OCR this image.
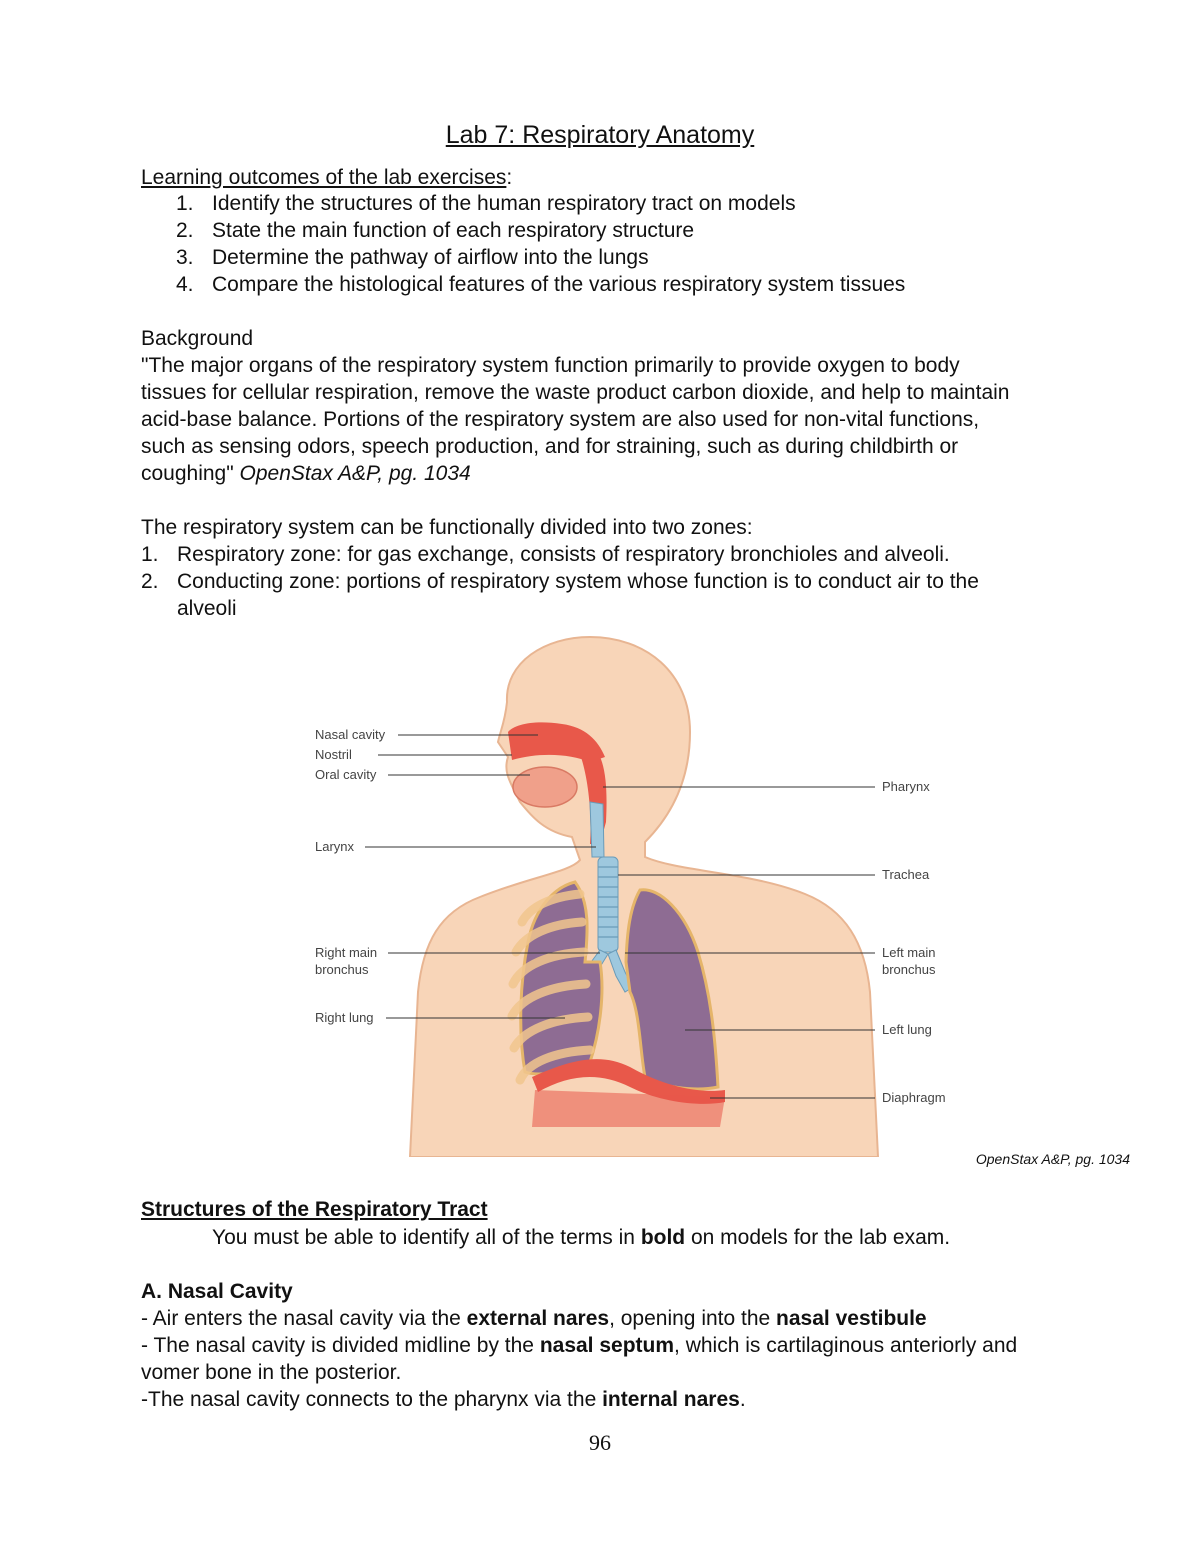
Lab 7: Respiratory Anatomy

Learning outcomes of the lab exercises:

1. Identify the structures of the human respiratory tract on models
2. State the main function of each respiratory structure
3. Determine the pathway of airflow into the lungs
4. Compare the histological features of the various respiratory system tissues
Background
"The major organs of the respiratory system function primarily to provide oxygen to body
tissues for cellular respiration, remove the waste product carbon dioxide, and help to maintain
acid-base balance. Portions of the respiratory system are also used for non-vital functions,
such as sensing odors, speech production, and for straining, such as during childbirth or
coughing" OpenStax A&P, pg. 1034

The respiratory system can be functionally divided into two zones:

1. Respiratory zone: for gas exchange, consists of respiratory bronchioles and alveoli.
2. Conducting zone: portions of respiratory system whose function is to conduct air to the
alveoli
Nasal cavity
Nostril
Oral cavity
Larynx
Right main
bronchus
Right lung
Pharynx
Trachea
Left main
bronchus
Left lung
Diaphragm
OpenStax A&P, pg. 1034

Structures of the Respiratory Tract

You must be able to identify all of the terms in bold on models for the lab exam.

A. Nasal Cavity

- Air enters the nasal cavity via the external nares, opening into the nasal vestibule

- The nasal cavity is divided midline by the nasal septum, which is cartilaginous anteriorly and

vomer bone in the posterior.

-The nasal cavity connects to the pharynx via the internal nares.

96
